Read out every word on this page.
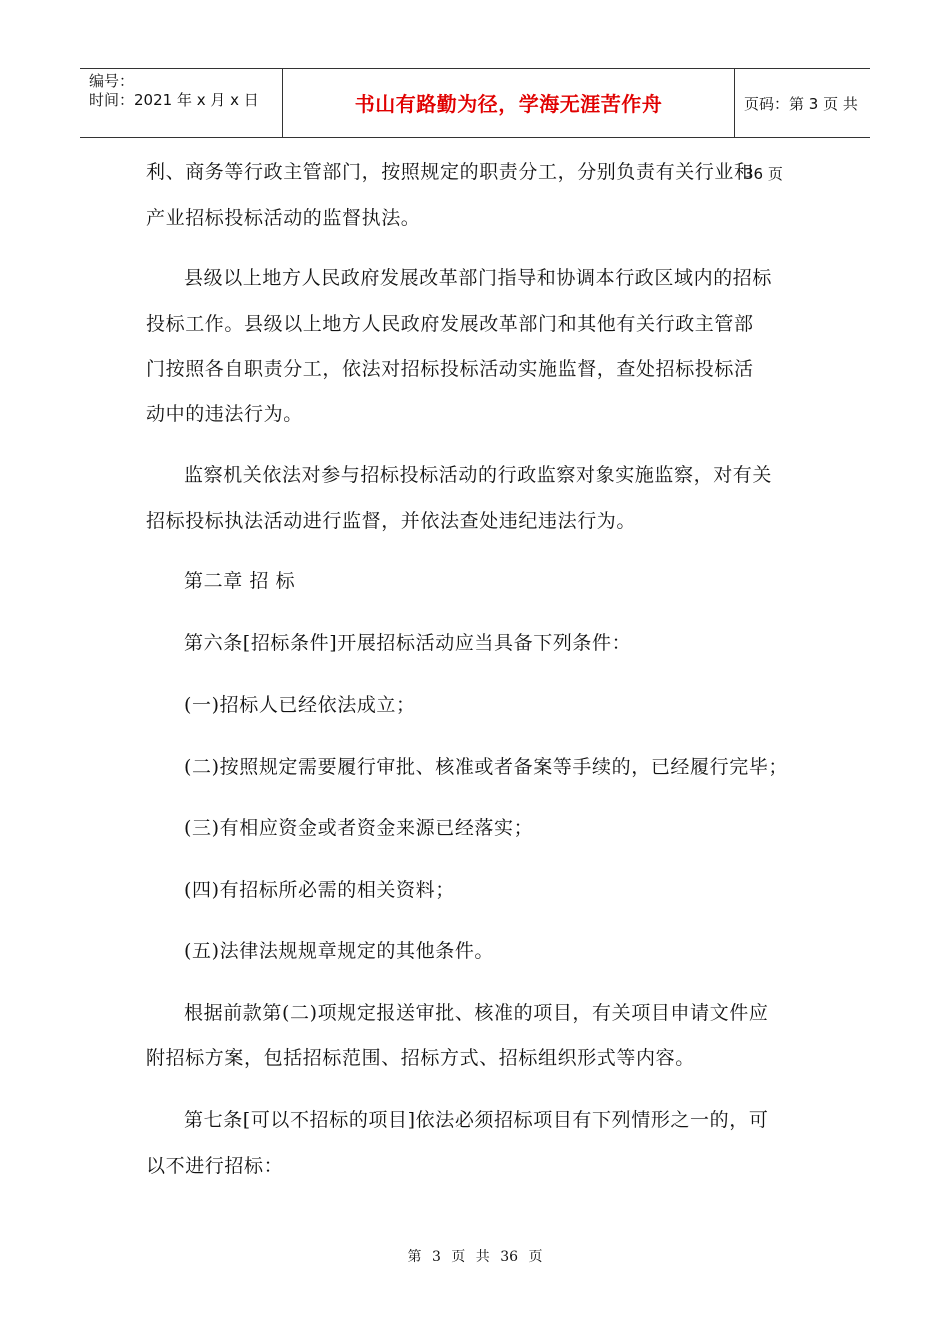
编号：
时间：2021 年 x 月 x 日	书山有路勤为径，学海无涯苦作舟	页码：第 3 页 共 36 页
利、商务等行政主管部门，按照规定的职责分工，分别负责有关行业和
产业招标投标活动的监督执法。
县级以上地方人民政府发展改革部门指导和协调本行政区域内的招标
投标工作。县级以上地方人民政府发展改革部门和其他有关行政主管部
门按照各自职责分工，依法对招标投标活动实施监督，查处招标投标活
动中的违法行为。
监察机关依法对参与招标投标活动的行政监察对象实施监察，对有关
招标投标执法活动进行监督，并依法查处违纪违法行为。
第二章 招 标
第六条[招标条件]开展招标活动应当具备下列条件：
(一)招标人已经依法成立；
(二)按照规定需要履行审批、核准或者备案等手续的，已经履行完毕；
(三)有相应资金或者资金来源已经落实；
(四)有招标所必需的相关资料；
(五)法律法规规章规定的其他条件。
根据前款第(二)项规定报送审批、核准的项目，有关项目申请文件应
附招标方案，包括招标范围、招标方式、招标组织形式等内容。
第七条[可以不招标的项目]依法必须招标项目有下列情形之一的，可
以不进行招标：
第 3 页 共 36 页
